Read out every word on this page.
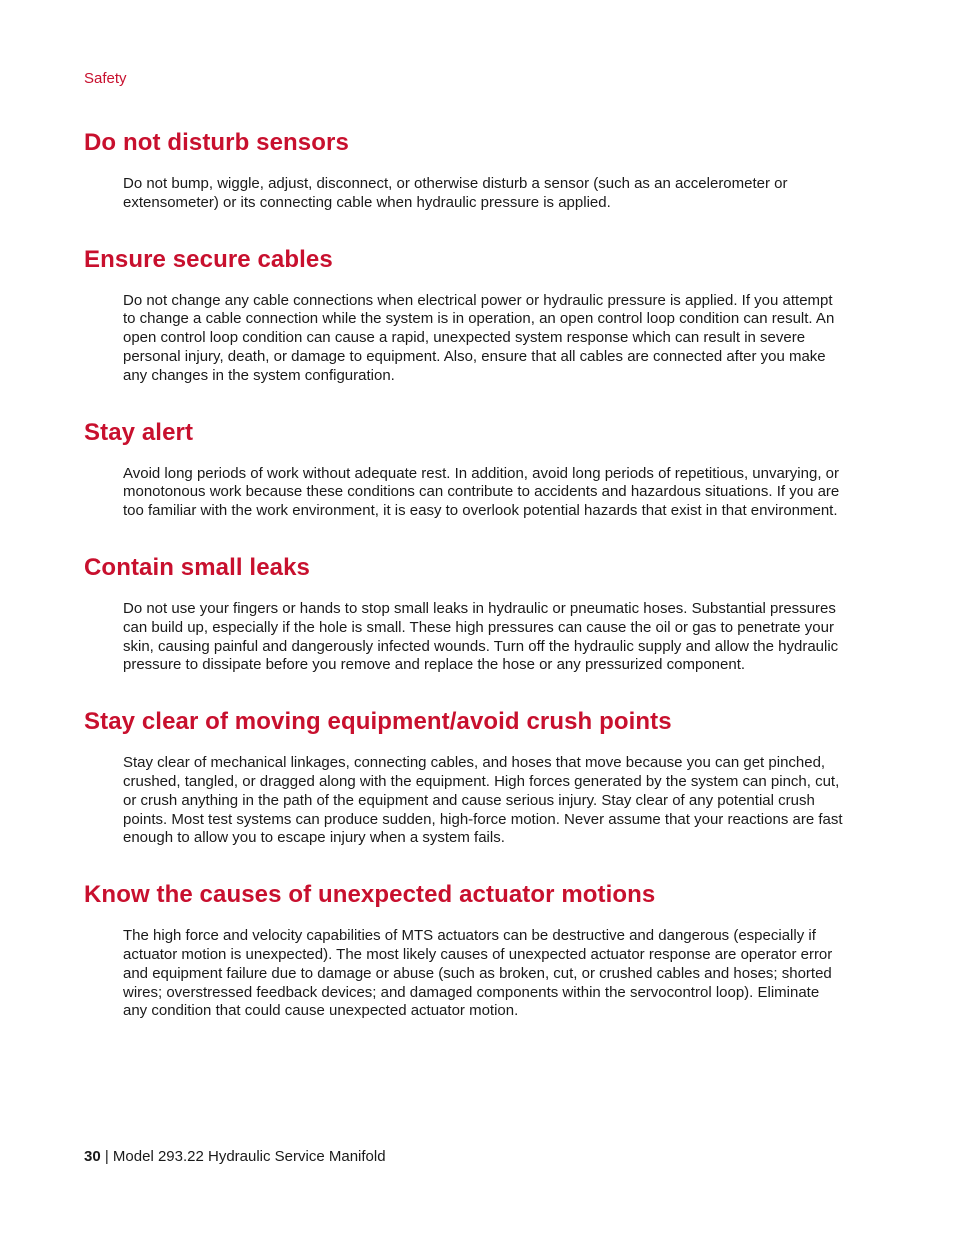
Safety
Do not disturb sensors

Do not bump, wiggle, adjust, disconnect, or otherwise disturb a sensor (such as an accelerometer or extensometer) or its connecting cable when hydraulic pressure is applied.

Ensure secure cables

Do not change any cable connections when electrical power or hydraulic pressure is applied. If you attempt to change a cable connection while the system is in operation, an open control loop condition can result. An open control loop condition can cause a rapid, unexpected system response which can result in severe personal injury, death, or damage to equipment. Also, ensure that all cables are connected after you make any changes in the system configuration.

Stay alert

Avoid long periods of work without adequate rest. In addition, avoid long periods of repetitious, unvarying, or monotonous work because these conditions can contribute to accidents and hazardous situations. If you are too familiar with the work environment, it is easy to overlook potential hazards that exist in that environment.

Contain small leaks

Do not use your fingers or hands to stop small leaks in hydraulic or pneumatic hoses. Substantial pressures can build up, especially if the hole is small. These high pressures can cause the oil or gas to penetrate your skin, causing painful and dangerously infected wounds. Turn off the hydraulic supply and allow the hydraulic pressure to dissipate before you remove and replace the hose or any pressurized component.

Stay clear of moving equipment/avoid crush points

Stay clear of mechanical linkages, connecting cables, and hoses that move because you can get pinched, crushed, tangled, or dragged along with the equipment. High forces generated by the system can pinch, cut, or crush anything in the path of the equipment and cause serious injury. Stay clear of any potential crush points. Most test systems can produce sudden, high-force motion. Never assume that your reactions are fast enough to allow you to escape injury when a system fails.

Know the causes of unexpected actuator motions

The high force and velocity capabilities of MTS actuators can be destructive and dangerous (especially if actuator motion is unexpected). The most likely causes of unexpected actuator response are operator error and equipment failure due to damage or abuse (such as broken, cut, or crushed cables and hoses; shorted wires; overstressed feedback devices; and damaged components within the servocontrol loop). Eliminate any condition that could cause unexpected actuator motion.

30 | Model 293.22 Hydraulic Service Manifold
